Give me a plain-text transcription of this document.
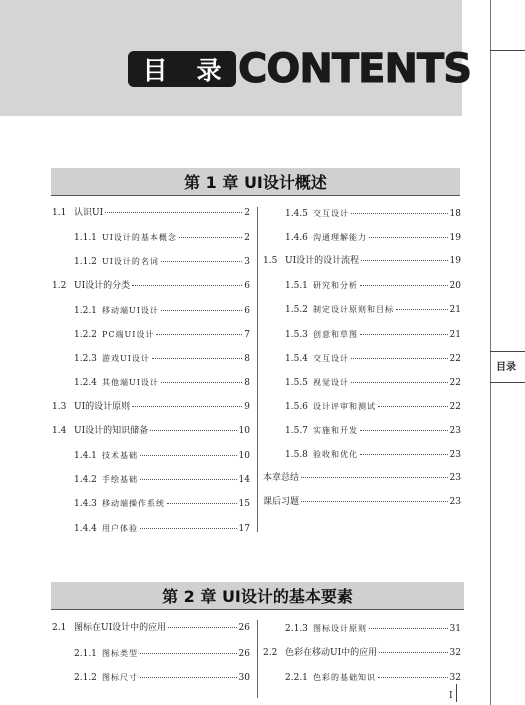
目 录 CONTENTS
目录
第 1 章 UI设计概述
1.1 认识UI	2
1.1.1 UI设计的基本概念	2
1.1.2 UI设计的名词	3
1.2 UI设计的分类	6
1.2.1 移动端UI设计	6
1.2.2 PC端UI设计	7
1.2.3 游戏UI设计	8
1.2.4 其他端UI设计	8
1.3 UI的设计原则	9
1.4 UI设计的知识储备	10
1.4.1 技术基础	10
1.4.2 手绘基础	14
1.4.3 移动端操作系统	15
1.4.4 用户体验	17
1.4.5 交互设计	18
1.4.6 沟通理解能力	19
1.5 UI设计的设计流程	19
1.5.1 研究和分析	20
1.5.2 制定设计原则和目标	21
1.5.3 创意和草图	21
1.5.4 交互设计	22
1.5.5 视觉设计	22
1.5.6 设计评审和测试	22
1.5.7 实施和开发	23
1.5.8 验收和优化	23
本章总结	23
课后习题	23
第 2 章 UI设计的基本要素
2.1 图标在UI设计中的应用	26
2.1.1 图标类型	26
2.1.2 图标尺寸	30
2.1.3 图标设计原则	31
2.2 色彩在移动UI中的应用	32
2.2.1 色彩的基础知识	32
I
